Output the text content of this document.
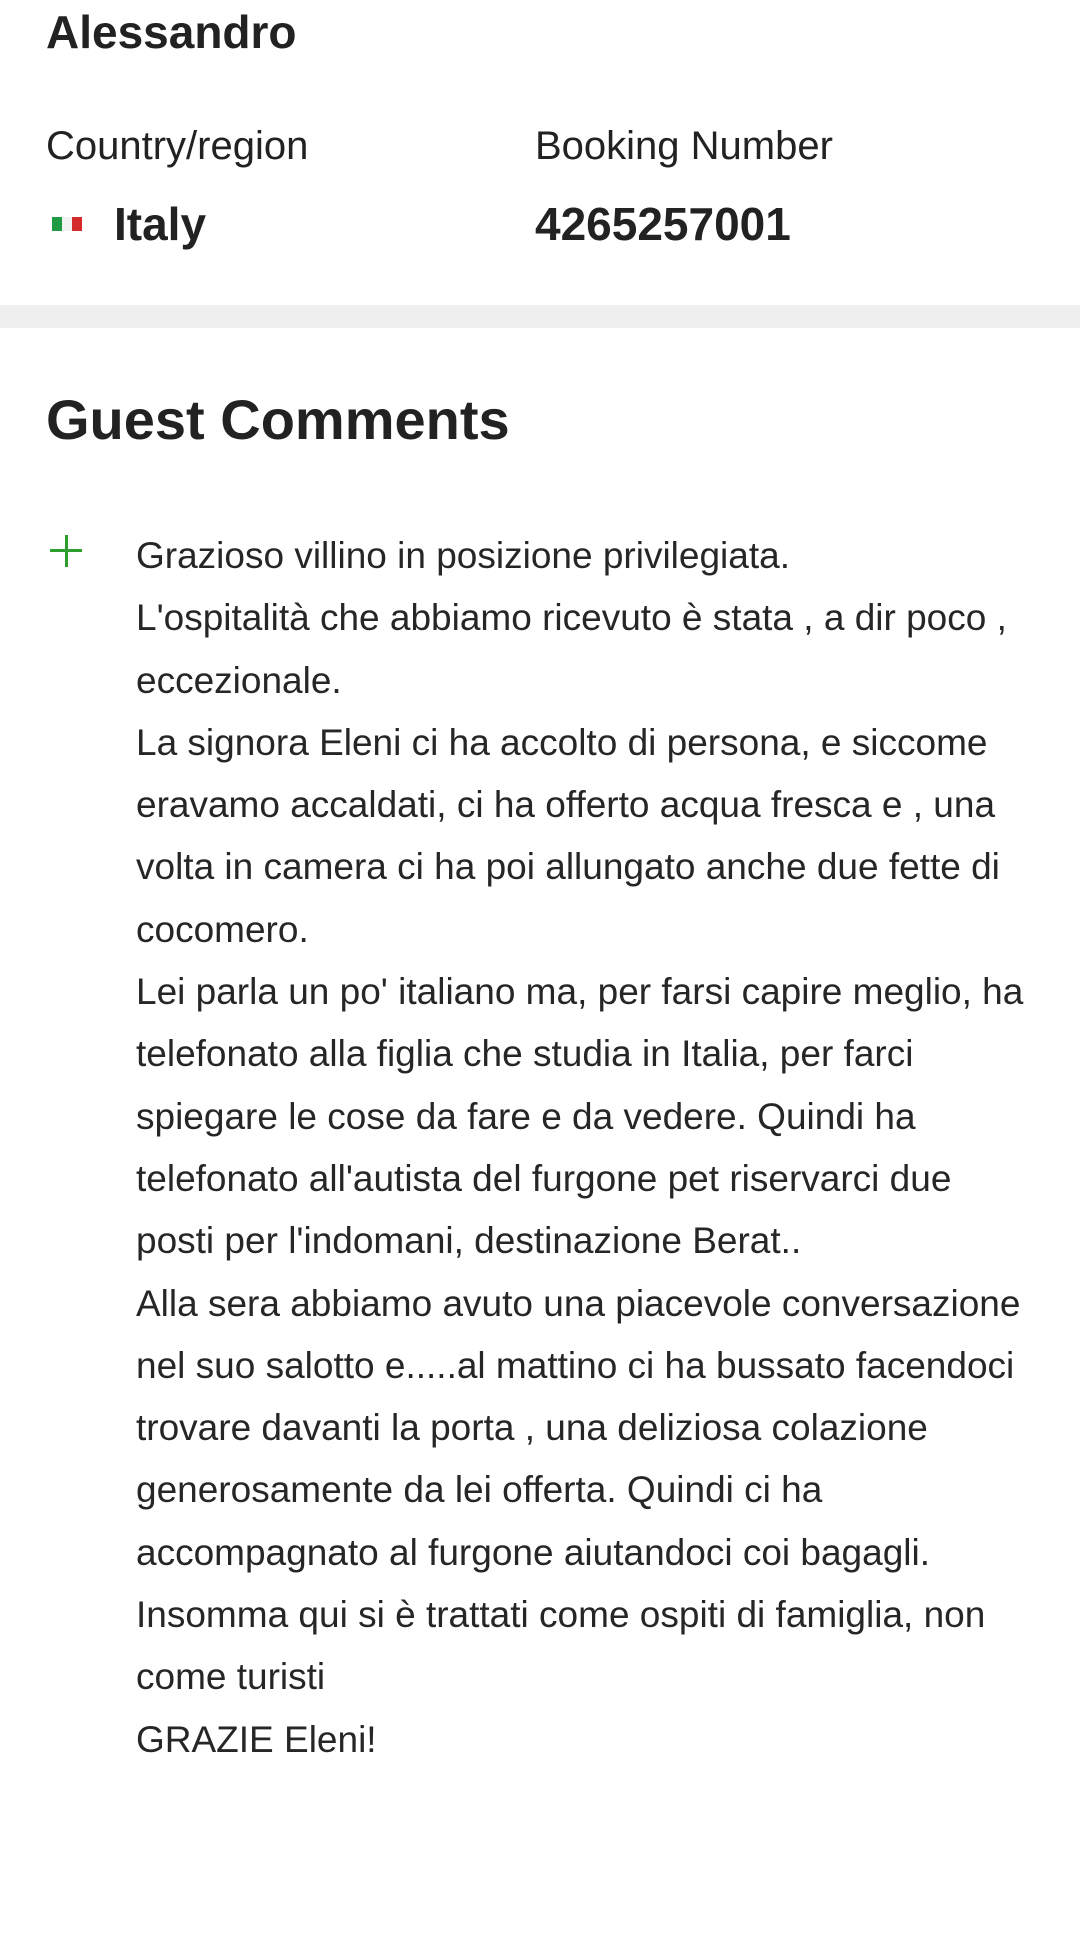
Alessandro
Country/region
Italy
Booking Number
4265257001
Guest Comments
Grazioso villino in posizione privilegiata.
L'ospitalità che abbiamo ricevuto è stata , a dir poco , eccezionale.
La signora Eleni ci ha accolto di persona, e siccome eravamo accaldati, ci ha offerto acqua fresca e , una volta in camera ci ha poi allungato anche due fette di cocomero.
Lei parla un po' italiano ma, per farsi capire meglio, ha telefonato alla figlia che studia in Italia, per farci spiegare le cose da fare e da vedere. Quindi ha telefonato all'autista del furgone pet riservarci due posti per l'indomani, destinazione Berat..
Alla sera abbiamo avuto una piacevole conversazione nel suo salotto e.....al mattino ci ha bussato facendoci trovare davanti la porta , una deliziosa colazione generosamente da lei offerta. Quindi ci ha accompagnato al furgone aiutandoci coi bagagli.
Insomma qui si è trattati come ospiti di famiglia, non come turisti
GRAZIE Eleni!
